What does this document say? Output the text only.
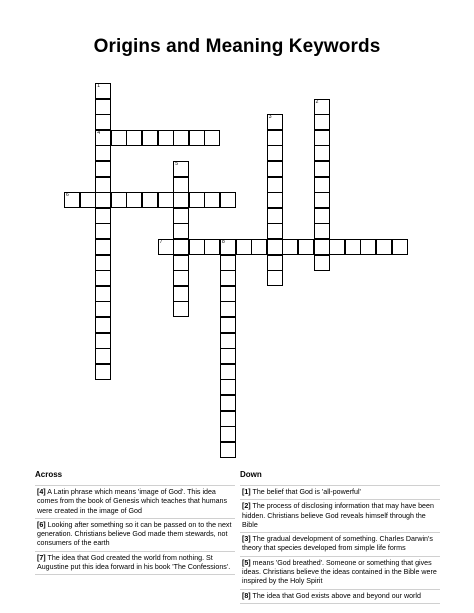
Origins and Meaning Keywords
1
4
2
3
5
6
7	8
Across	Down
[4] A Latin phrase which means 'image of God'. This idea comes from the book of Genesis which teaches that humans were created in the image of God
[6] Looking after something so it can be passed on to the next generation. Christians believe God made them stewards, not consumers of the earth
[7] The idea that God created the world from nothing. St Augustine put this idea forward in his book 'The Confessions'.
[1] The belief that God is 'all-powerful'
[2] The process of disclosing information that may have been hidden. Christians believe God reveals himself through the Bible
[3] The gradual development of something. Charles Darwin's theory that species developed from simple life forms
[5] means 'God breathed'. Someone or something that gives ideas. Christians believe the ideas contained in the Bible were inspired by the Holy Spirit
[8] The idea that God exists above and beyond our world
